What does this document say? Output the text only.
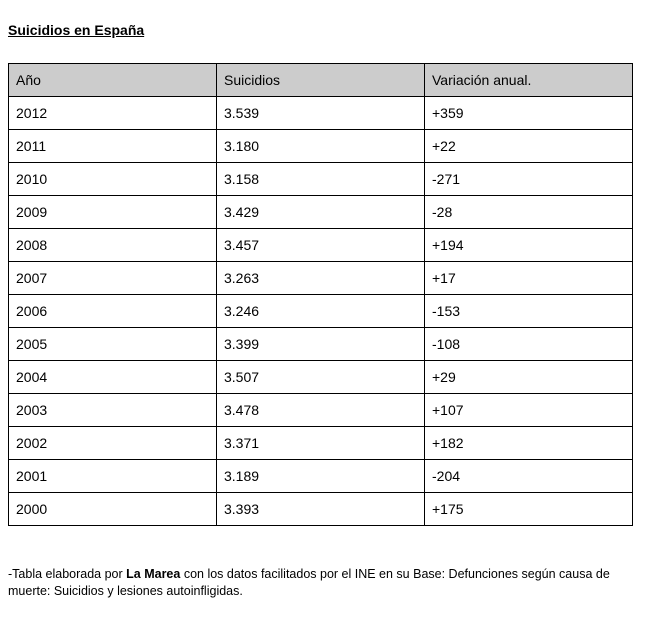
Suicidios en España
Año	Suicidios	Variación anual.
2012	3.539	+359
2011	3.180	+22
2010	3.158	-271
2009	3.429	-28
2008	3.457	+194
2007	3.263	+17
2006	3.246	-153
2005	3.399	-108
2004	3.507	+29
2003	3.478	+107
2002	3.371	+182
2001	3.189	-204
2000	3.393	+175
-Tabla elaborada por La Marea con los datos facilitados por el INE en su Base: Defunciones según causa de muerte: Suicidios y lesiones autoinfligidas.
